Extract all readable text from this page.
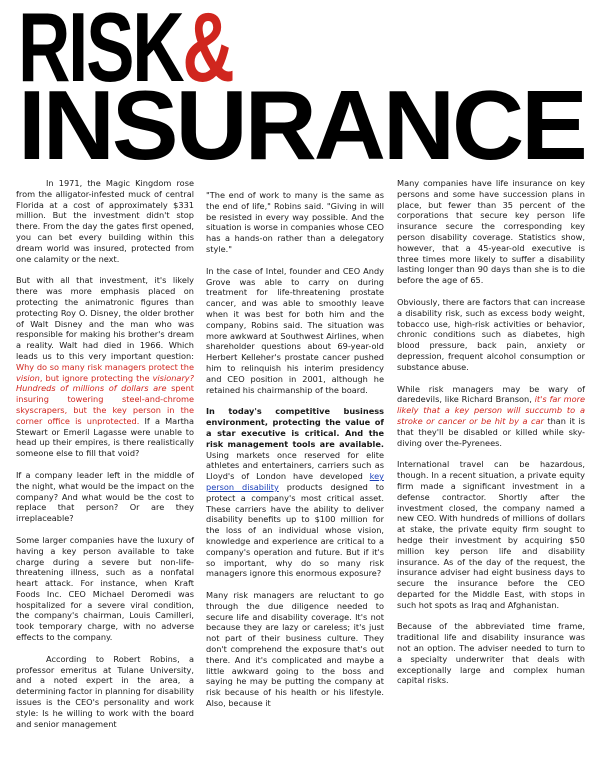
RISK&
INSURANCE

In 1971, the Magic Kingdom rose from the alligator-infested muck of central Florida at a cost of approximately $331 million. But the investment didn't stop there. From the day the gates first opened, you can bet every building within this dream world was insured, protected from one calamity or the next.

But with all that investment, it's likely there was more emphasis placed on protecting the animatronic figures than protecting Roy O. Disney, the older brother of Walt Disney and the man who was responsible for making his brother's dream a reality. Walt had died in 1966. Which leads us to this very important question: Why do so many risk managers protect the vision, but ignore protecting the visionary? Hundreds of millions of dollars are spent insuring towering steel-and-chrome skyscrapers, but the key person in the corner office is unprotected. If a Martha Stewart or Emeril Lagasse were unable to head up their empires, is there realistically someone else to fill that void?

If a company leader left in the middle of the night, what would be the impact on the company? And what would be the cost to replace that person? Or are they irreplaceable?

Some larger companies have the luxury of having a key person available to take charge during a severe but non-life-threatening illness, such as a nonfatal heart attack. For instance, when Kraft Foods Inc. CEO Michael Deromedi was hospitalized for a severe viral condition, the company's chairman, Louis Camilleri, took temporary charge, with no adverse effects to the company.

According to Robert Robins, a professor emeritus at Tulane University, and a noted expert in the area, a determining factor in planning for disability issues is the CEO's personality and work style: Is he willing to work with the board and senior management

"The end of work to many is the same as the end of life," Robins said. "Giving in will be resisted in every way possible. And the situation is worse in companies whose CEO has a hands-on rather than a delegatory style."

In the case of Intel, founder and CEO Andy Grove was able to carry on during treatment for life-threatening prostate cancer, and was able to smoothly leave when it was best for both him and the company, Robins said. The situation was more awkward at Southwest Airlines, when shareholder questions about 69-year-old Herbert Kelleher's prostate cancer pushed him to relinquish his interim presidency and CEO position in 2001, although he retained his chairmanship of the board.

In today's competitive business environment, protecting the value of a star executive is critical. And the risk management tools are available. Using markets once reserved for elite athletes and entertainers, carriers such as Lloyd's of London have developed key person disability products designed to protect a company's most critical asset. These carriers have the ability to deliver disability benefits up to $100 million for the loss of an individual whose vision, knowledge and experience are critical to a company's operation and future. But if it's so important, why do so many risk managers ignore this enormous exposure?

Many risk managers are reluctant to go through the due diligence needed to secure life and disability coverage. It's not because they are lazy or careless; it's just not part of their business culture. They don't comprehend the exposure that's out there. And it's complicated and maybe a little awkward going to the boss and saying he may be putting the company at risk because of his health or his lifestyle. Also, because it

Many companies have life insurance on key persons and some have succession plans in place, but fewer than 35 percent of the corporations that secure key person life insurance secure the corresponding key person disability coverage. Statistics show, however, that a 45-year-old executive is three times more likely to suffer a disability lasting longer than 90 days than she is to die before the age of 65.

Obviously, there are factors that can increase a disability risk, such as excess body weight, tobacco use, high-risk activities or behavior, chronic conditions such as diabetes, high blood pressure, back pain, anxiety or depression, frequent alcohol consumption or substance abuse.

While risk managers may be wary of daredevils, like Richard Branson, it's far more likely that a key person will succumb to a stroke or cancer or be hit by a car than it is that they'll be disabled or killed while sky-diving over the-Pyrenees.

International travel can be hazardous, though. In a recent situation, a private equity firm made a significant investment in a defense contractor. Shortly after the investment closed, the company named a new CEO. With hundreds of millions of dollars at stake, the private equity firm sought to hedge their investment by acquiring $50 million key person life and disability insurance. As of the day of the request, the insurance adviser had eight business days to secure the insurance before the CEO departed for the Middle East, with stops in such hot spots as Iraq and Afghanistan.

Because of the abbreviated time frame, traditional life and disability insurance was not an option. The adviser needed to turn to a specialty underwriter that deals with exceptionally large and complex human capital risks.
